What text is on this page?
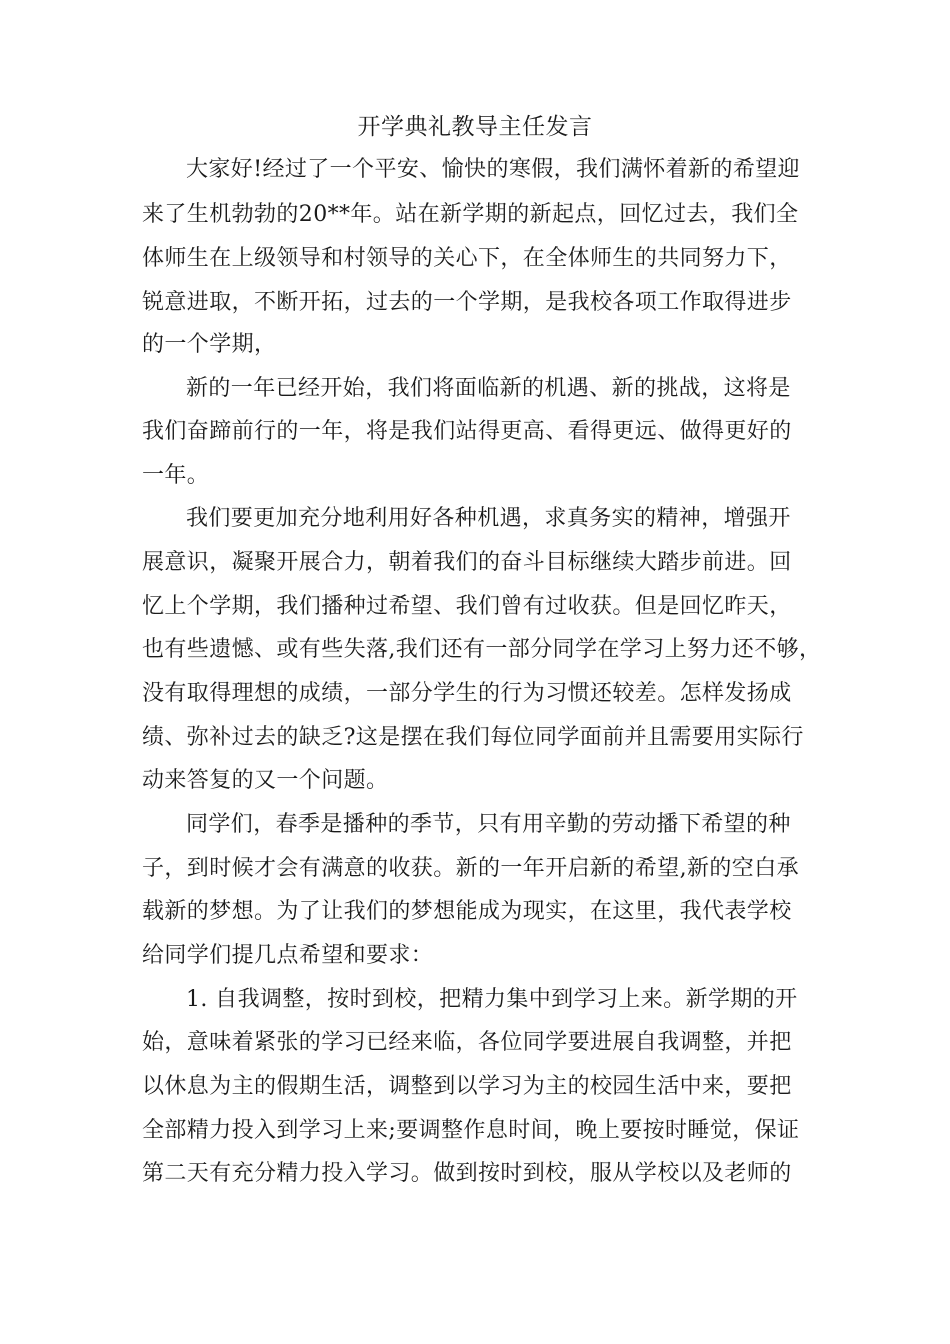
开学典礼教导主任发言
大家好!经过了一个平安、愉快的寒假，我们满怀着新的希望迎
来了生机勃勃的20**年。站在新学期的新起点，回忆过去，我们全
体师生在上级领导和村领导的关心下，在全体师生的共同努力下，
锐意进取，不断开拓，过去的一个学期，是我校各项工作取得进步
的一个学期，
新的一年已经开始，我们将面临新的机遇、新的挑战，这将是
我们奋蹄前行的一年，将是我们站得更高、看得更远、做得更好的
一年。
我们要更加充分地利用好各种机遇，求真务实的精神，增强开
展意识，凝聚开展合力，朝着我们的奋斗目标继续大踏步前进。回
忆上个学期，我们播种过希望、我们曾有过收获。但是回忆昨天，
也有些遗憾、或有些失落,我们还有一部分同学在学习上努力还不够，
没有取得理想的成绩，一部分学生的行为习惯还较差。怎样发扬成
绩、弥补过去的缺乏?这是摆在我们每位同学面前并且需要用实际行
动来答复的又一个问题。
同学们，春季是播种的季节，只有用辛勤的劳动播下希望的种
子，到时候才会有满意的收获。新的一年开启新的希望,新的空白承
载新的梦想。为了让我们的梦想能成为现实，在这里，我代表学校
给同学们提几点希望和要求：
1. 自我调整，按时到校，把精力集中到学习上来。新学期的开
始，意味着紧张的学习已经来临，各位同学要进展自我调整，并把
以休息为主的假期生活，调整到以学习为主的校园生活中来，要把
全部精力投入到学习上来;要调整作息时间，晚上要按时睡觉，保证
第二天有充分精力投入学习。做到按时到校，服从学校以及老师的
